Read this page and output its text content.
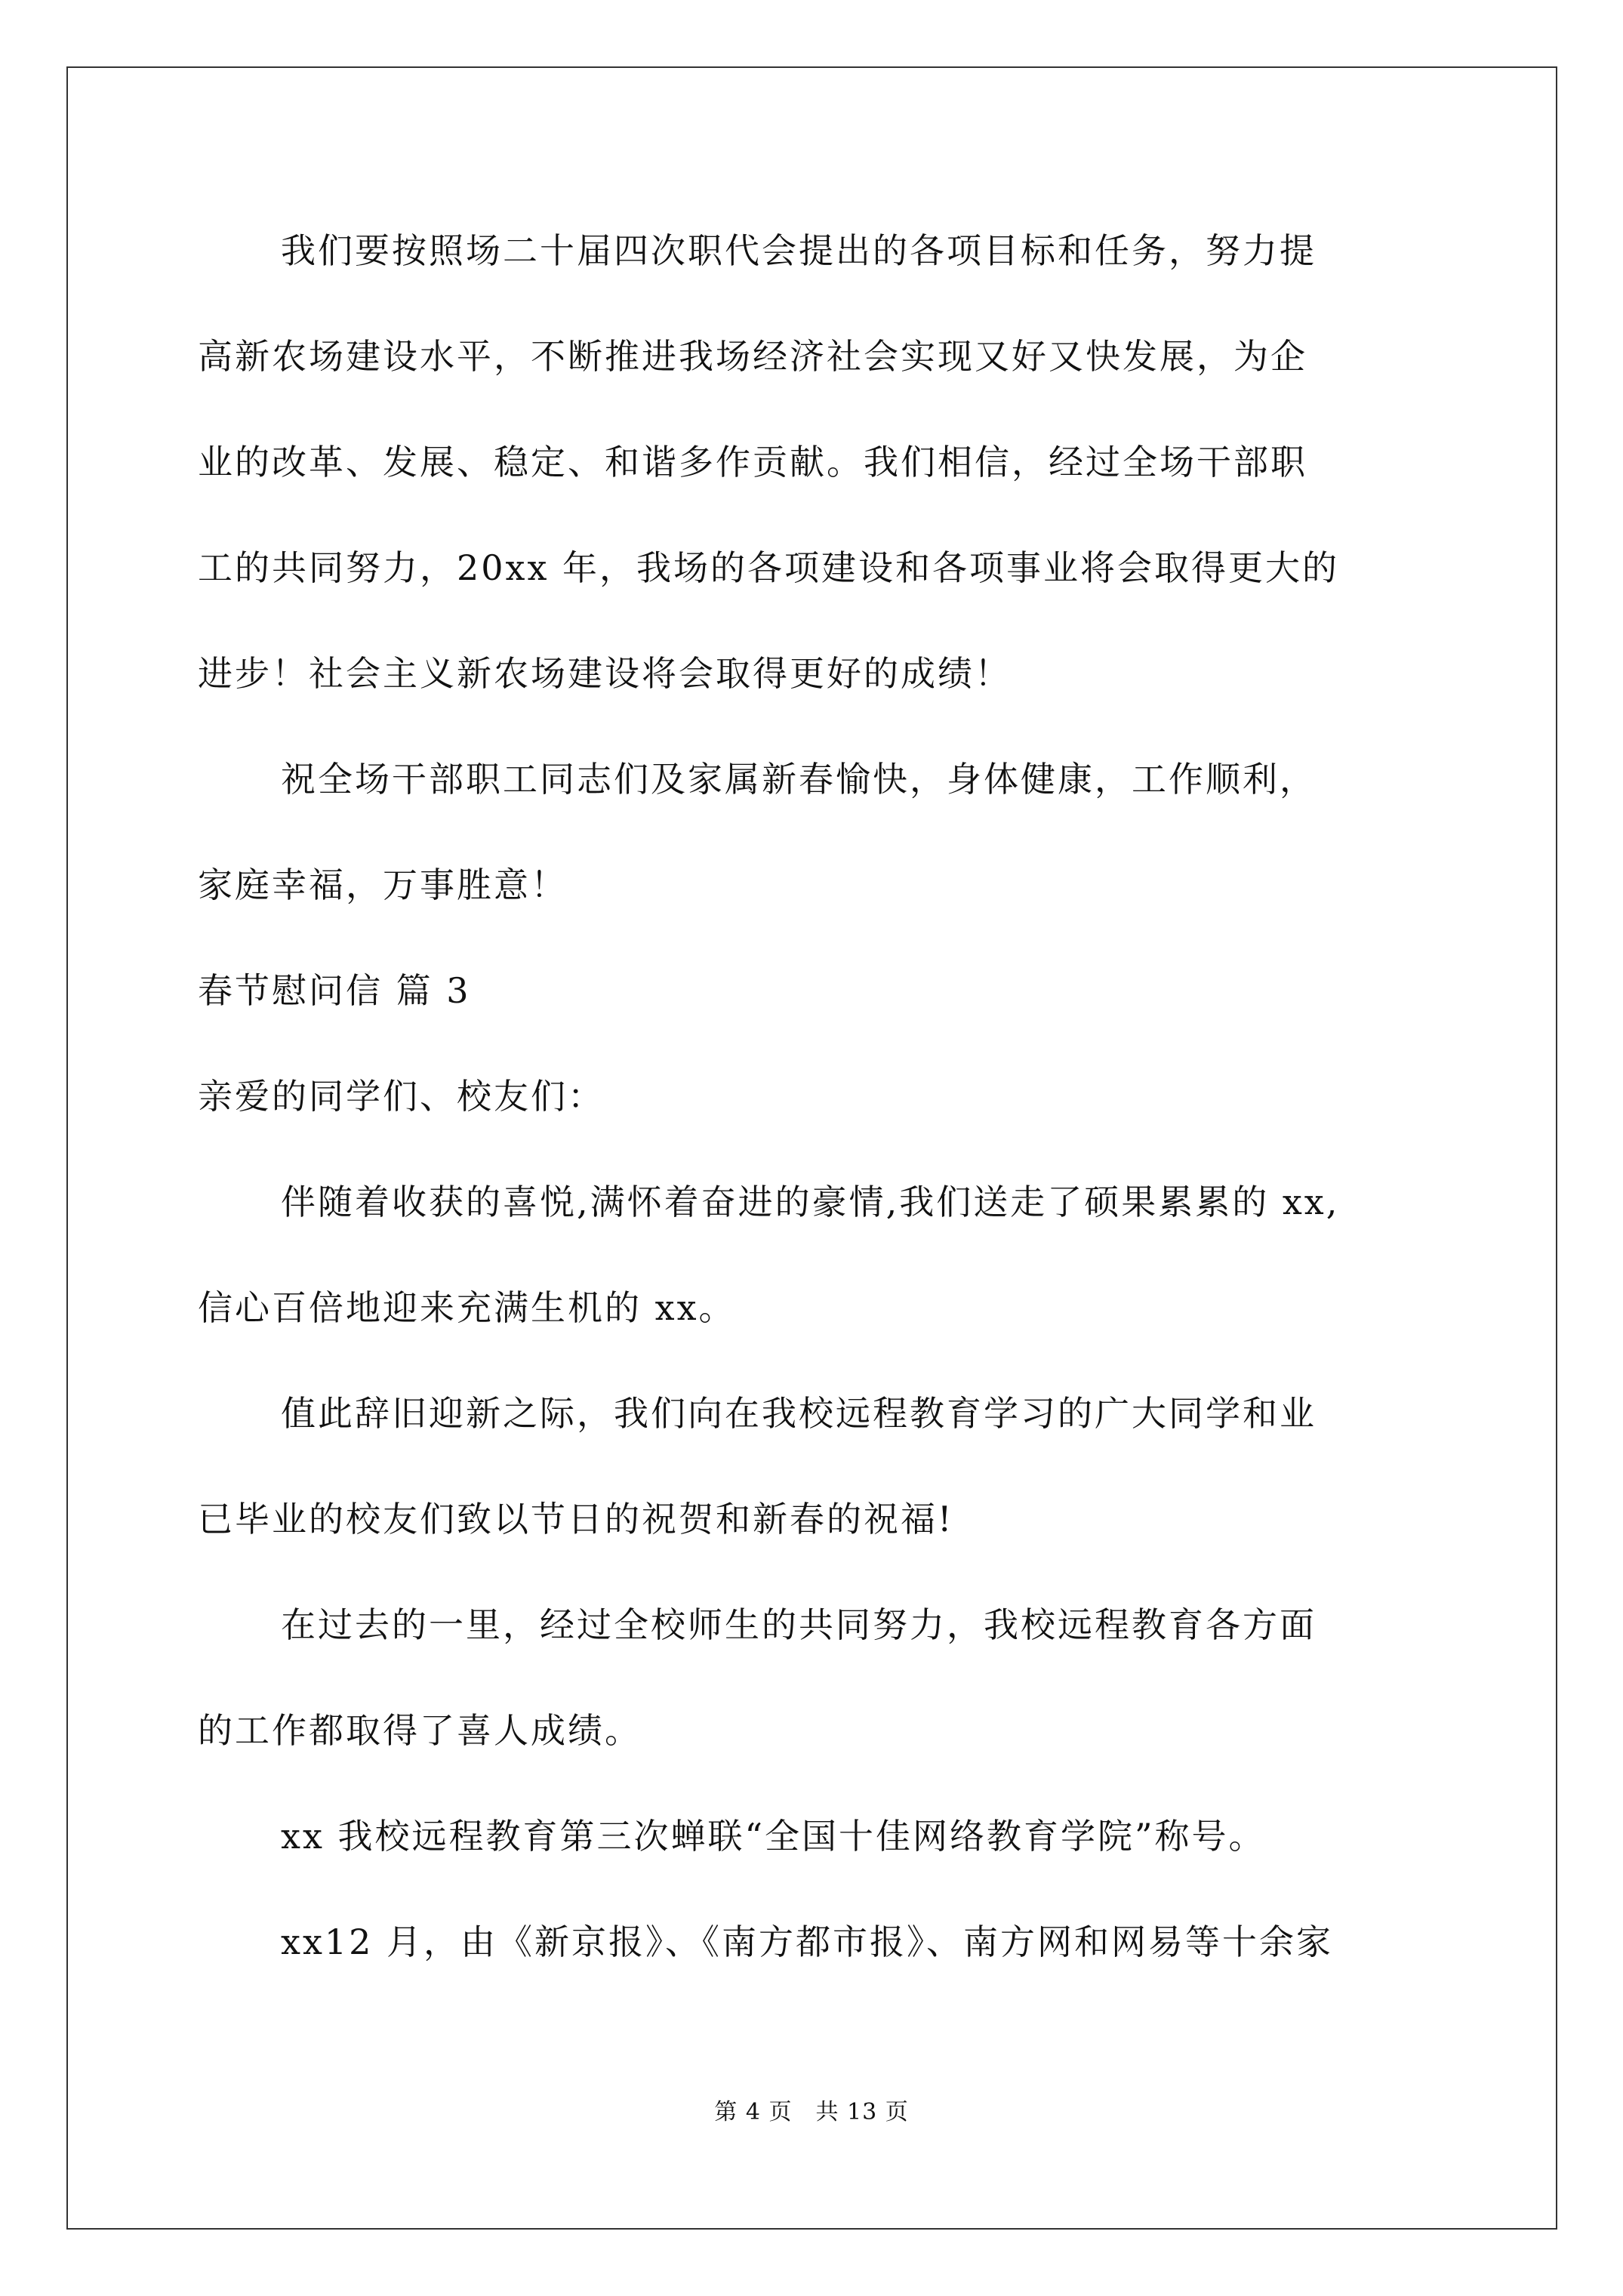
我们要按照场二十届四次职代会提出的各项目标和任务，努力提
高新农场建设水平，不断推进我场经济社会实现又好又快发展，为企
业的改革、发展、稳定、和谐多作贡献。我们相信，经过全场干部职
工的共同努力，20xx 年，我场的各项建设和各项事业将会取得更大的
进步！社会主义新农场建设将会取得更好的成绩！
祝全场干部职工同志们及家属新春愉快，身体健康，工作顺利，
家庭幸福，万事胜意！
春节慰问信 篇 3
亲爱的同学们、校友们：
伴随着收获的喜悦,满怀着奋进的豪情,我们送走了硕果累累的 xx,
信心百倍地迎来充满生机的 xx。
值此辞旧迎新之际，我们向在我校远程教育学习的广大同学和业
已毕业的校友们致以节日的祝贺和新春的祝福!
在过去的一里，经过全校师生的共同努力，我校远程教育各方面
的工作都取得了喜人成绩。
xx 我校远程教育第三次蝉联“全国十佳网络教育学院”称号。
xx12 月，由《新京报》、《南方都市报》、南方网和网易等十余家
第 4 页　共 13 页
